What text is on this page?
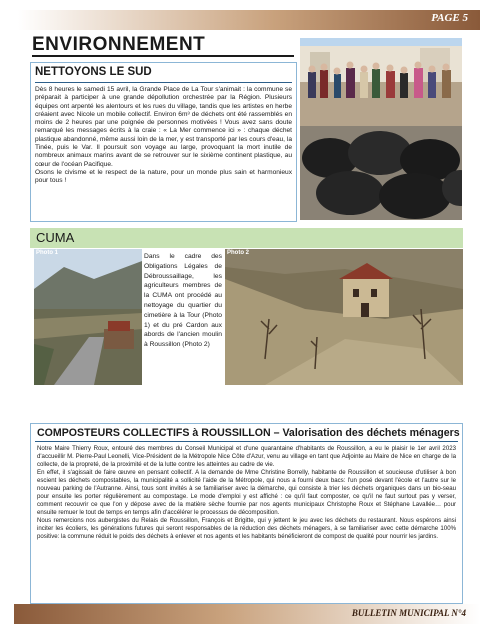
PAGE 5
ENVIRONNEMENT
NETTOYONS LE SUD

Dès 8 heures le samedi 15 avril, la Grande Place de La Tour s'animait : la commune se préparait à participer à une grande dépollution orchestrée par la Région. Plusieurs équipes ont arpenté les alentours et les rues du village, tandis que les artistes en herbe créaient avec Nicole un mobile collectif. Environ 6m³ de déchets ont été rassemblés en moins de 2 heures par une poignée de personnes motivées ! Vous avez sans doute remarqué les messages écrits à la craie : « La Mer commence ici » : chaque déchet plastique abandonné, même aussi loin de la mer, y est transporté par les cours d'eau, la Tinée, puis le Var. Il poursuit son voyage au large, provoquant la mort inutile de nombreux animaux marins avant de se retrouver sur le sixième continent plastique, au cœur de l'océan Pacifique.

Osons le civisme et le respect de la nature, pour un monde plus sain et harmonieux pour tous !

CUMA
Photo 1	Dans le cadre des Obligations Légales de Débroussaillage, les agriculteurs membres de la CUMA ont procédé au nettoyage du quartier du cimetière à la Tour (Photo 1) et du pré Cardon aux abords de l'ancien moulin à Roussillon (Photo 2)
Photo 2
COMPOSTEURS COLLECTIFS à ROUSSILLON – Valorisation des déchets ménagers

Notre Maire Thierry Roux, entouré des membres du Conseil Municipal et d'une quarantaine d'habitants de Roussillon, a eu le plaisir le 1er avril 2023 d'accueillir M. Pierre-Paul Leonelli, Vice-Président de la Métropole Nice Côte d'Azur, venu au village en tant que Adjointe au Maire de Nice en charge de la collecte, de la propreté, de la proximité et de la lutte contre les atteintes au cadre de vie.

En effet, il s'agissait de faire œuvre en pensant collectif. A la demande de Mme Christine Borrelly, habitante de Roussillon et soucieuse d'utiliser à bon escient les déchets compostables, la municipalité a sollicité l'aide de la Métropole, qui nous a fourni deux bacs: l'un posé devant l'école et l'autre sur le nouveau parking de l'Autranne. Ainsi, tous sont invités à se familiariser avec la démarche, qui consiste à trier les déchets organiques dans un bio-seau pour ensuite les porter régulièrement au compostage. Le mode d'emploi y est affiché : ce qu'il faut composter, ce qu'il ne faut surtout pas y verser, comment recouvrir ce que l'on y dépose avec de la matière sèche fournie par nos agents municipaux Christophe Roux et Stéphane Lavallée… pour ensuite remuer le tout de temps en temps afin d'accélérer le processus de décomposition.

Nous remercions nos aubergistes du Relais de Roussillon, François et Brigitte, qui y jettent le jeu avec les déchets du restaurant. Nous espérons ainsi inciter les écoliers, les générations futures qui seront responsables de la réduction des déchets ménagers, à se familiariser avec cette démarche 100% positive: la commune réduit le poids des déchets à enlever et nos agents et les habitants bénéficieront de compost de qualité pour nourrir les jardins.

BULLETIN MUNICIPAL N°4
